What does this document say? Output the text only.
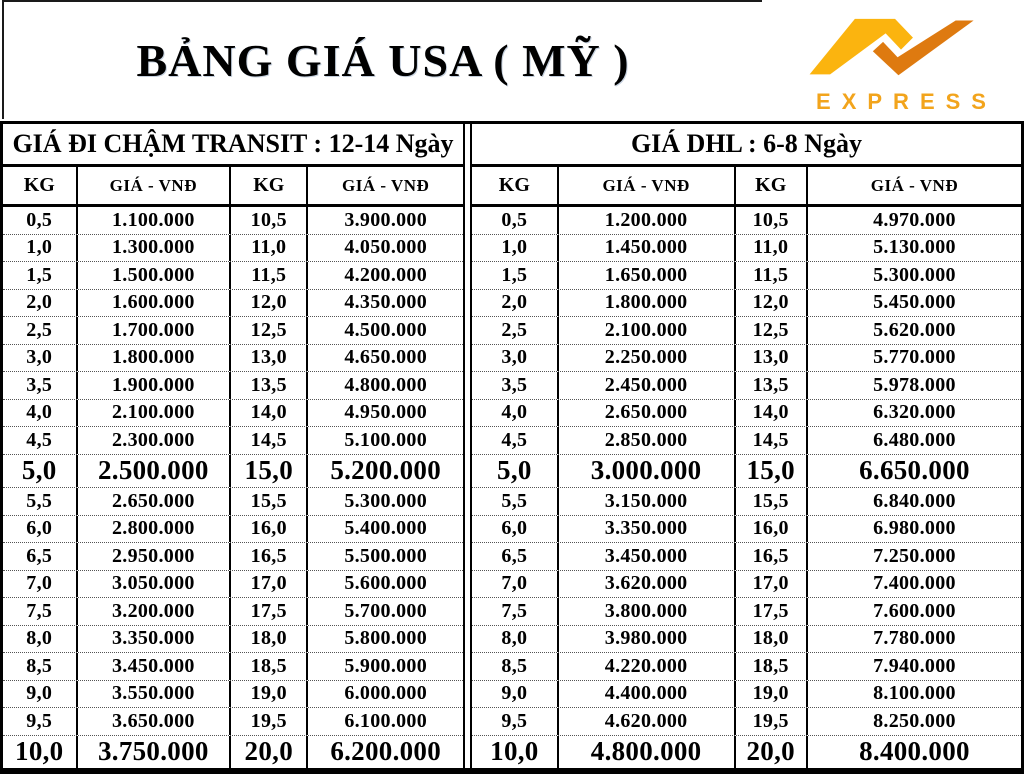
BẢNG GIÁ USA ( MỸ )
EXPRESS
GIÁ ĐI CHẬM TRANSIT : 12-14 Ngày
KG	GIÁ - VNĐ	KG	GIÁ - VNĐ
0,5	1.100.000	10,5	3.900.000
1,0	1.300.000	11,0	4.050.000
1,5	1.500.000	11,5	4.200.000
2,0	1.600.000	12,0	4.350.000
2,5	1.700.000	12,5	4.500.000
3,0	1.800.000	13,0	4.650.000
3,5	1.900.000	13,5	4.800.000
4,0	2.100.000	14,0	4.950.000
4,5	2.300.000	14,5	5.100.000
5,0	2.500.000	15,0	5.200.000
5,5	2.650.000	15,5	5.300.000
6,0	2.800.000	16,0	5.400.000
6,5	2.950.000	16,5	5.500.000
7,0	3.050.000	17,0	5.600.000
7,5	3.200.000	17,5	5.700.000
8,0	3.350.000	18,0	5.800.000
8,5	3.450.000	18,5	5.900.000
9,0	3.550.000	19,0	6.000.000
9,5	3.650.000	19,5	6.100.000
10,0	3.750.000	20,0	6.200.000
GIÁ DHL : 6-8 Ngày
KG	GIÁ - VNĐ	KG	GIÁ - VNĐ
0,5	1.200.000	10,5	4.970.000
1,0	1.450.000	11,0	5.130.000
1,5	1.650.000	11,5	5.300.000
2,0	1.800.000	12,0	5.450.000
2,5	2.100.000	12,5	5.620.000
3,0	2.250.000	13,0	5.770.000
3,5	2.450.000	13,5	5.978.000
4,0	2.650.000	14,0	6.320.000
4,5	2.850.000	14,5	6.480.000
5,0	3.000.000	15,0	6.650.000
5,5	3.150.000	15,5	6.840.000
6,0	3.350.000	16,0	6.980.000
6,5	3.450.000	16,5	7.250.000
7,0	3.620.000	17,0	7.400.000
7,5	3.800.000	17,5	7.600.000
8,0	3.980.000	18,0	7.780.000
8,5	4.220.000	18,5	7.940.000
9,0	4.400.000	19,0	8.100.000
9,5	4.620.000	19,5	8.250.000
10,0	4.800.000	20,0	8.400.000
